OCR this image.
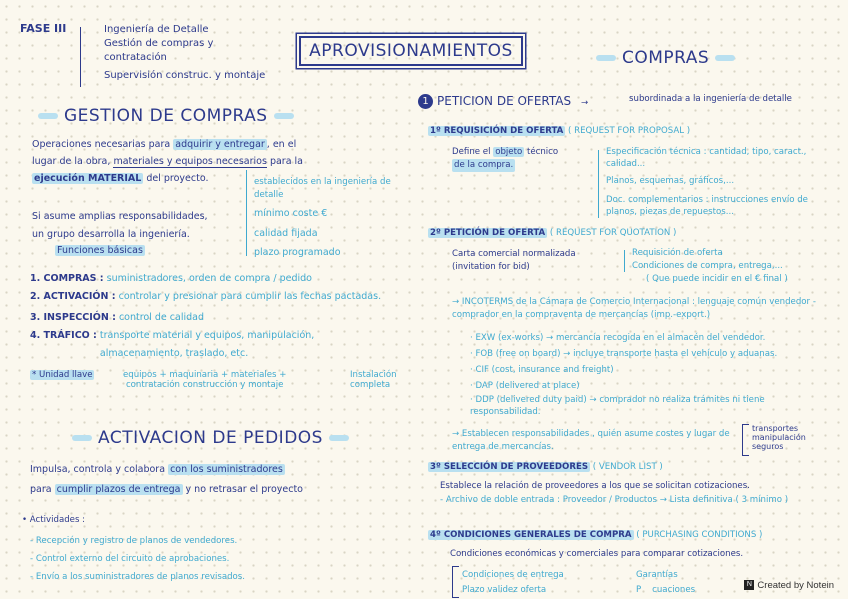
FASE III	Ingeniería de Detalle
Gestión de compras y contratación
Supervisión construc. y montaje
APROVISIONAMIENTOS
GESTION DE COMPRAS
Operaciones necesarias para adquirir y entregar , en el
lugar de la obra, materiales y equipos necesarios para la
ejecución MATERIAL del proyecto.	establecidos en la ingeniería de detalle
mínimo coste €
calidad fijada
plazo programado
Si asume amplias responsabilidades,
un grupo desarrolla la ingeniería.
Funciones básicas
1. COMPRAS : suministradores, orden de compra / pedido
2. ACTIVACIÓN : controlar y presionar para cumplir las fechas pactadas.
3. INSPECCIÓN : control de calidad
4. TRÁFICO : transporte material y equipos, manipulación, almacenamiento, traslado, etc.
* Unidad llave	equipos + maquinaria + materiales + contratación construcción y montaje
Instalación completa
ACTIVACION DE PEDIDOS
Impulsa, controla y colabora con los suministradores
para cumplir plazos de entrega y no retrasar el proyecto
• Actividades :
- Recepción y registro de planos de vendedores.
- Control externo del circuito de aprobaciones.
- Envío a los suministradores de planos revisados.
COMPRAS
1 PETICION DE OFERTAS →	subordinada a la ingeniería de detalle
1º REQUISICIÓN DE OFERTA ( REQUEST FOR PROPOSAL )
Define el objeto técnico
de la compra.
Especificación técnica : cantidad, tipo, caract., calidad...
Planos, esquemas, gráficos,...
Doc. complementarios : instrucciones envío de planos, piezas de repuestos...
2º PETICIÓN DE OFERTA ( REQUEST FOR QUOTATION )
Carta comercial normalizada
(invitation for bid)
Requisición de oferta
Condiciones de compra, entrega,...
( Que puede incidir en el € final )
→ INCOTERMS de la Cámara de Comercio Internacional : lenguaje común vendedor - comprador en la compraventa de mercancías (imp.-export.)
· EXW (ex-works) → mercancía recogida en el almacén del vendedor.
· FOB (free on board) → incluye transporte hasta el vehículo y aduanas.
· CIF (cost, insurance and freight)
· DAP (delivered at place)
· DDP (delivered duty paid) → comprador no realiza trámites ni tiene responsabilidad.
→ Establecen responsabilidades , quién asume costes y lugar de entrega de mercancías.
transportes
manipulación
seguros
3º SELECCIÓN DE PROVEEDORES ( VENDOR LIST )
Establece la relación de proveedores a los que se solicitan cotizaciones.
- Archivo de doble entrada : Proveedor / Productos → Lista definitiva ( 3 mínimo )
4º CONDICIONES GENERALES DE COMPRA ( PURCHASING CONDITIONS )
Condiciones económicas y comerciales para comparar cotizaciones.
Condiciones de entrega
Plazo validez oferta
Garantías
P cuaciones
N Created by Notein
